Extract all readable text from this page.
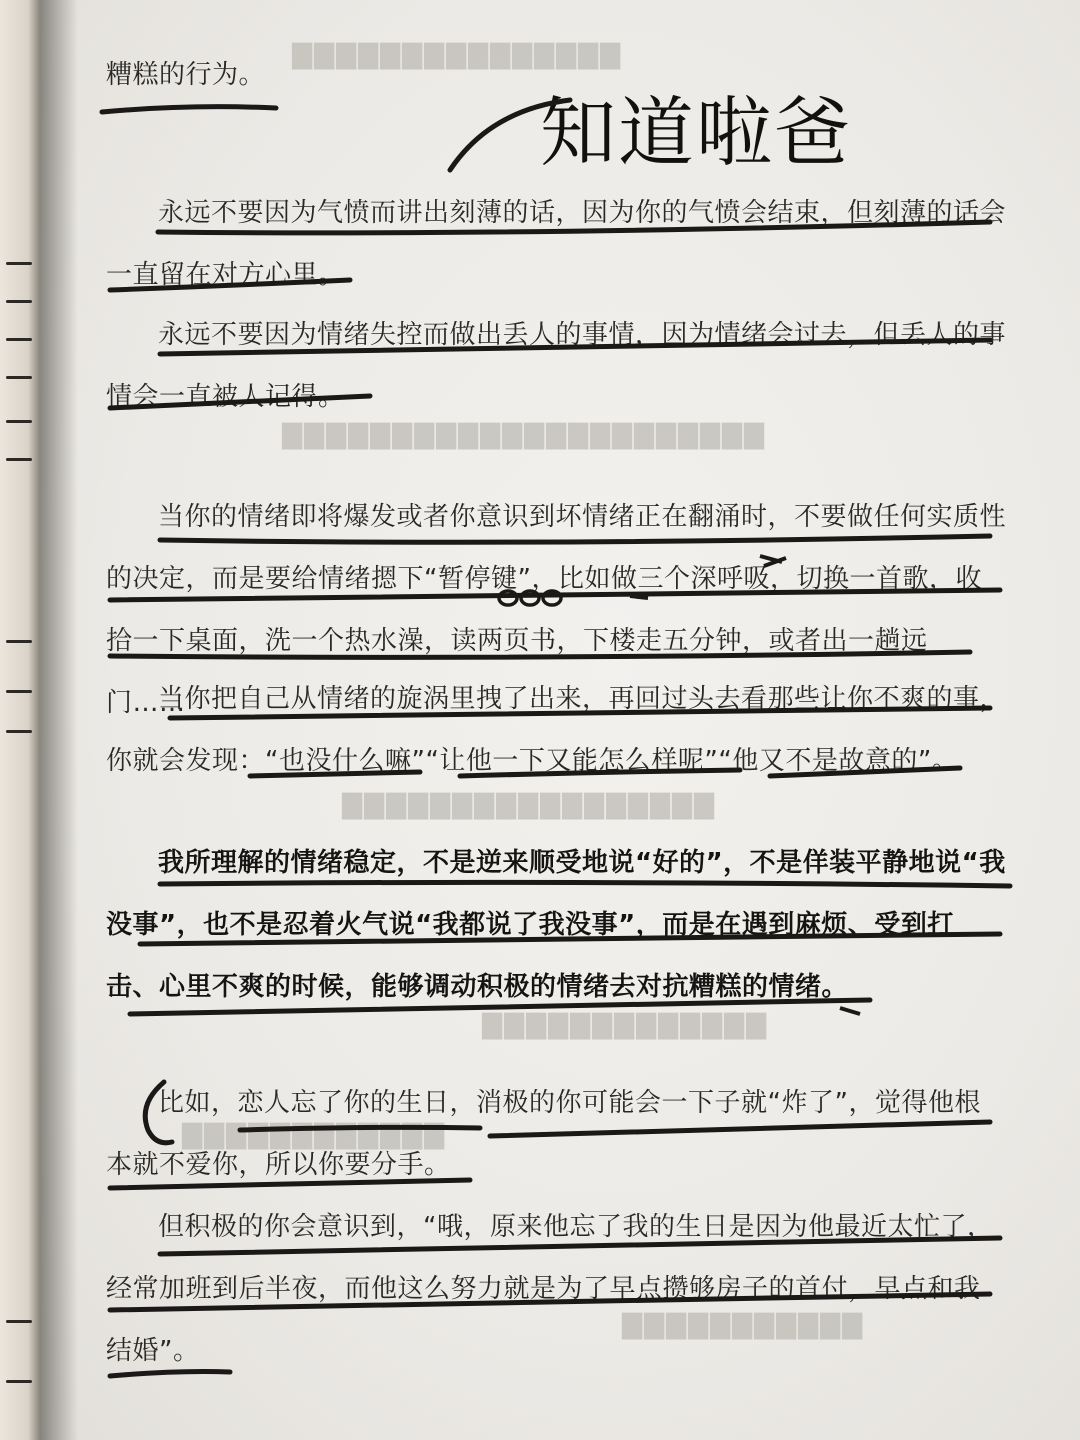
▇▇▇▇▇▇▇▇▇▇▇▇▇▇▇
▇▇▇▇▇▇▇▇▇▇▇▇▇▇▇▇▇▇▇▇▇▇
▇▇▇▇▇▇▇▇▇▇▇▇▇▇▇▇▇
▇▇▇▇▇▇▇▇▇▇▇▇▇
▇▇▇▇▇▇▇▇▇▇▇▇
▇▇▇▇▇▇▇▇▇▇▇
糟糕的行为。
永远不要因为气愤而讲出刻薄的话，因为你的气愤会结束，但刻薄的话会一直留在对方心里。
永远不要因为情绪失控而做出丢人的事情，因为情绪会过去，但丢人的事情会一直被人记得。
当你的情绪即将爆发或者你意识到坏情绪正在翻涌时，不要做任何实质性的决定，而是要给情绪摁下“暂停键”，比如做三个深呼吸，切换一首歌，收拾一下桌面，洗一个热水澡，读两页书，下楼走五分钟，或者出一趟远门……
当你把自己从情绪的旋涡里拽了出来，再回过头去看那些让你不爽的事，你就会发现：“也没什么嘛”“让他一下又能怎么样呢”“他又不是故意的”。
我所理解的情绪稳定，不是逆来顺受地说“好的”，不是佯装平静地说“我没事”，也不是忍着火气说“我都说了我没事”，而是在遇到麻烦、受到打击、心里不爽的时候，能够调动积极的情绪去对抗糟糕的情绪。
比如，恋人忘了你的生日，消极的你可能会一下子就“炸了”，觉得他根本就不爱你，所以你要分手。
但积极的你会意识到，“哦，原来他忘了我的生日是因为他最近太忙了，经常加班到后半夜，而他这么努力就是为了早点攒够房子的首付，早点和我结婚”。
知道啦爸
